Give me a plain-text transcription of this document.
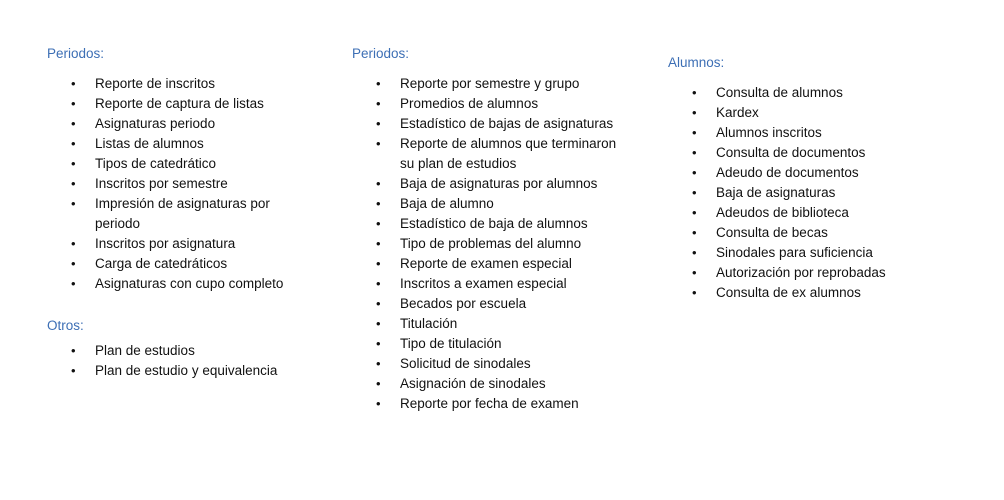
Periodos:

• Reporte de inscritos
• Reporte de captura de listas
• Asignaturas periodo
• Listas de alumnos
• Tipos de catedrático
• Inscritos por semestre
• Impresión de asignaturas por periodo
• Inscritos por asignatura
• Carga de catedráticos
• Asignaturas con cupo completo

Otros:

• Plan de estudios
• Plan de estudio y equivalencia

Periodos:

• Reporte por semestre y grupo
• Promedios de alumnos
• Estadístico de bajas de asignaturas
• Reporte de alumnos que terminaron su plan de estudios
• Baja de asignaturas por alumnos
• Baja de alumno
• Estadístico de baja de alumnos
• Tipo de problemas del alumno
• Reporte de examen especial
• Inscritos a examen especial
• Becados por escuela
• Titulación
• Tipo de titulación
• Solicitud de sinodales
• Asignación de sinodales
• Reporte por fecha de examen

Alumnos:

• Consulta de alumnos
• Kardex
• Alumnos inscritos
• Consulta de documentos
• Adeudo de documentos
• Baja de asignaturas
• Adeudos de biblioteca
• Consulta de becas
• Sinodales para suficiencia
• Autorización por reprobadas
• Consulta de ex alumnos
